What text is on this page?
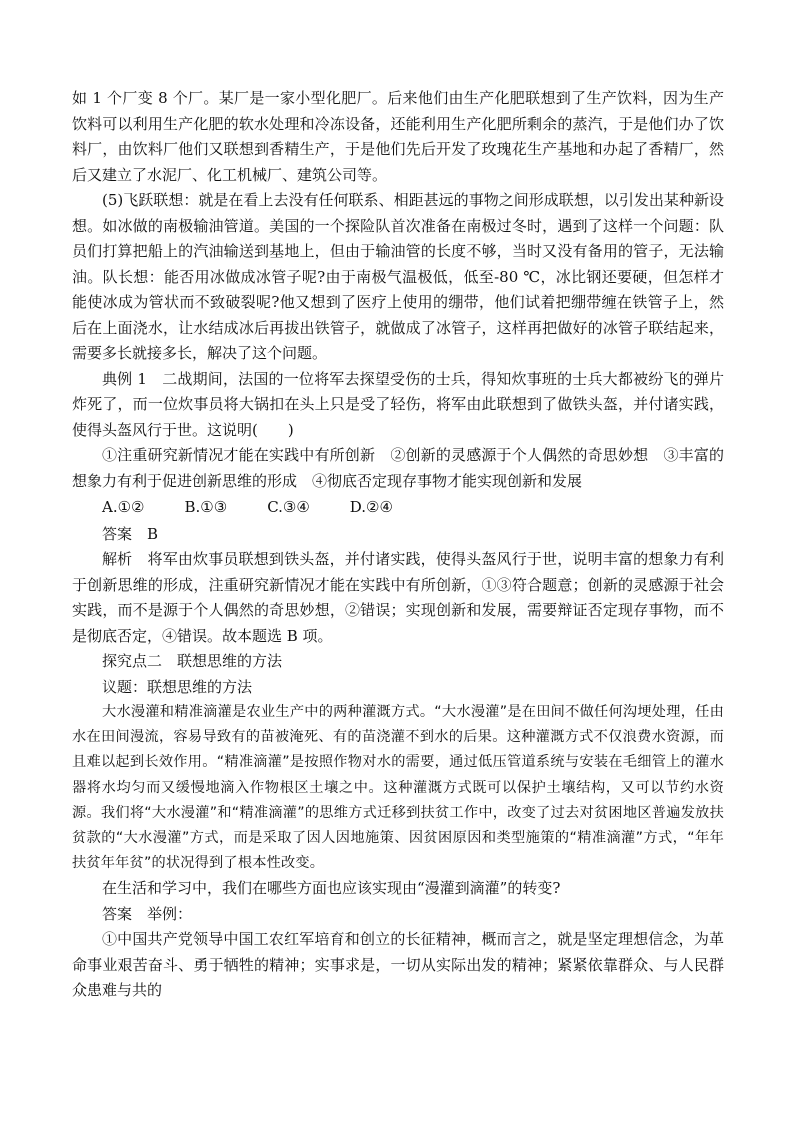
如 1 个厂变 8 个厂。某厂是一家小型化肥厂。后来他们由生产化肥联想到了生产饮料，因为生产饮料可以利用生产化肥的软水处理和冷冻设备，还能利用生产化肥所剩余的蒸汽，于是他们办了饮料厂，由饮料厂他们又联想到香精生产，于是他们先后开发了玫瑰花生产基地和办起了香精厂，然后又建立了水泥厂、化工机械厂、建筑公司等。

(5)飞跃联想：就是在看上去没有任何联系、相距甚远的事物之间形成联想，以引发出某种新设想。如冰做的南极输油管道。美国的一个探险队首次准备在南极过冬时，遇到了这样一个问题：队员们打算把船上的汽油输送到基地上，但由于输油管的长度不够，当时又没有备用的管子，无法输油。队长想：能否用冰做成冰管子呢?由于南极气温极低，低至-80 ℃，冰比钢还要硬，但怎样才能使冰成为管状而不致破裂呢?他又想到了医疗上使用的绷带，他们试着把绷带缠在铁管子上，然后在上面浇水，让水结成冰后再拔出铁管子，就做成了冰管子，这样再把做好的冰管子联结起来，需要多长就接多长，解决了这个问题。

典例 1　二战期间，法国的一位将军去探望受伤的士兵，得知炊事班的士兵大都被纷飞的弹片炸死了，而一位炊事员将大锅扣在头上只是受了轻伤，将军由此联想到了做铁头盔，并付诸实践，使得头盔风行于世。这说明(　　)

①注重研究新情况才能在实践中有所创新　②创新的灵感源于个人偶然的奇思妙想　③丰富的想象力有利于促进创新思维的形成　④彻底否定现存事物才能实现创新和发展

A.①②	B.①③	C.③④	D.②④

答案　B

解析　将军由炊事员联想到铁头盔，并付诸实践，使得头盔风行于世，说明丰富的想象力有利于创新思维的形成，注重研究新情况才能在实践中有所创新，①③符合题意；创新的灵感源于社会实践，而不是源于个人偶然的奇思妙想，②错误；实现创新和发展，需要辩证否定现存事物，而不是彻底否定，④错误。故本题选 B 项。

探究点二　联想思维的方法

议题：联想思维的方法

大水漫灌和精准滴灌是农业生产中的两种灌溉方式。“大水漫灌”是在田间不做任何沟埂处理，任由水在田间漫流，容易导致有的苗被淹死、有的苗浇灌不到水的后果。这种灌溉方式不仅浪费水资源，而且难以起到长效作用。“精准滴灌”是按照作物对水的需要，通过低压管道系统与安装在毛细管上的灌水器将水均匀而又缓慢地滴入作物根区土壤之中。这种灌溉方式既可以保护土壤结构，又可以节约水资源。我们将“大水漫灌”和“精准滴灌”的思维方式迁移到扶贫工作中，改变了过去对贫困地区普遍发放扶贫款的“大水漫灌”方式，而是采取了因人因地施策、因贫困原因和类型施策的“精准滴灌”方式，“年年扶贫年年贫”的状况得到了根本性改变。

在生活和学习中，我们在哪些方面也应该实现由“漫灌到滴灌”的转变?

答案　举例：

①中国共产党领导中国工农红军培育和创立的长征精神，概而言之，就是坚定理想信念，为革命事业艰苦奋斗、勇于牺牲的精神；实事求是，一切从实际出发的精神；紧紧依靠群众、与人民群众患难与共的
